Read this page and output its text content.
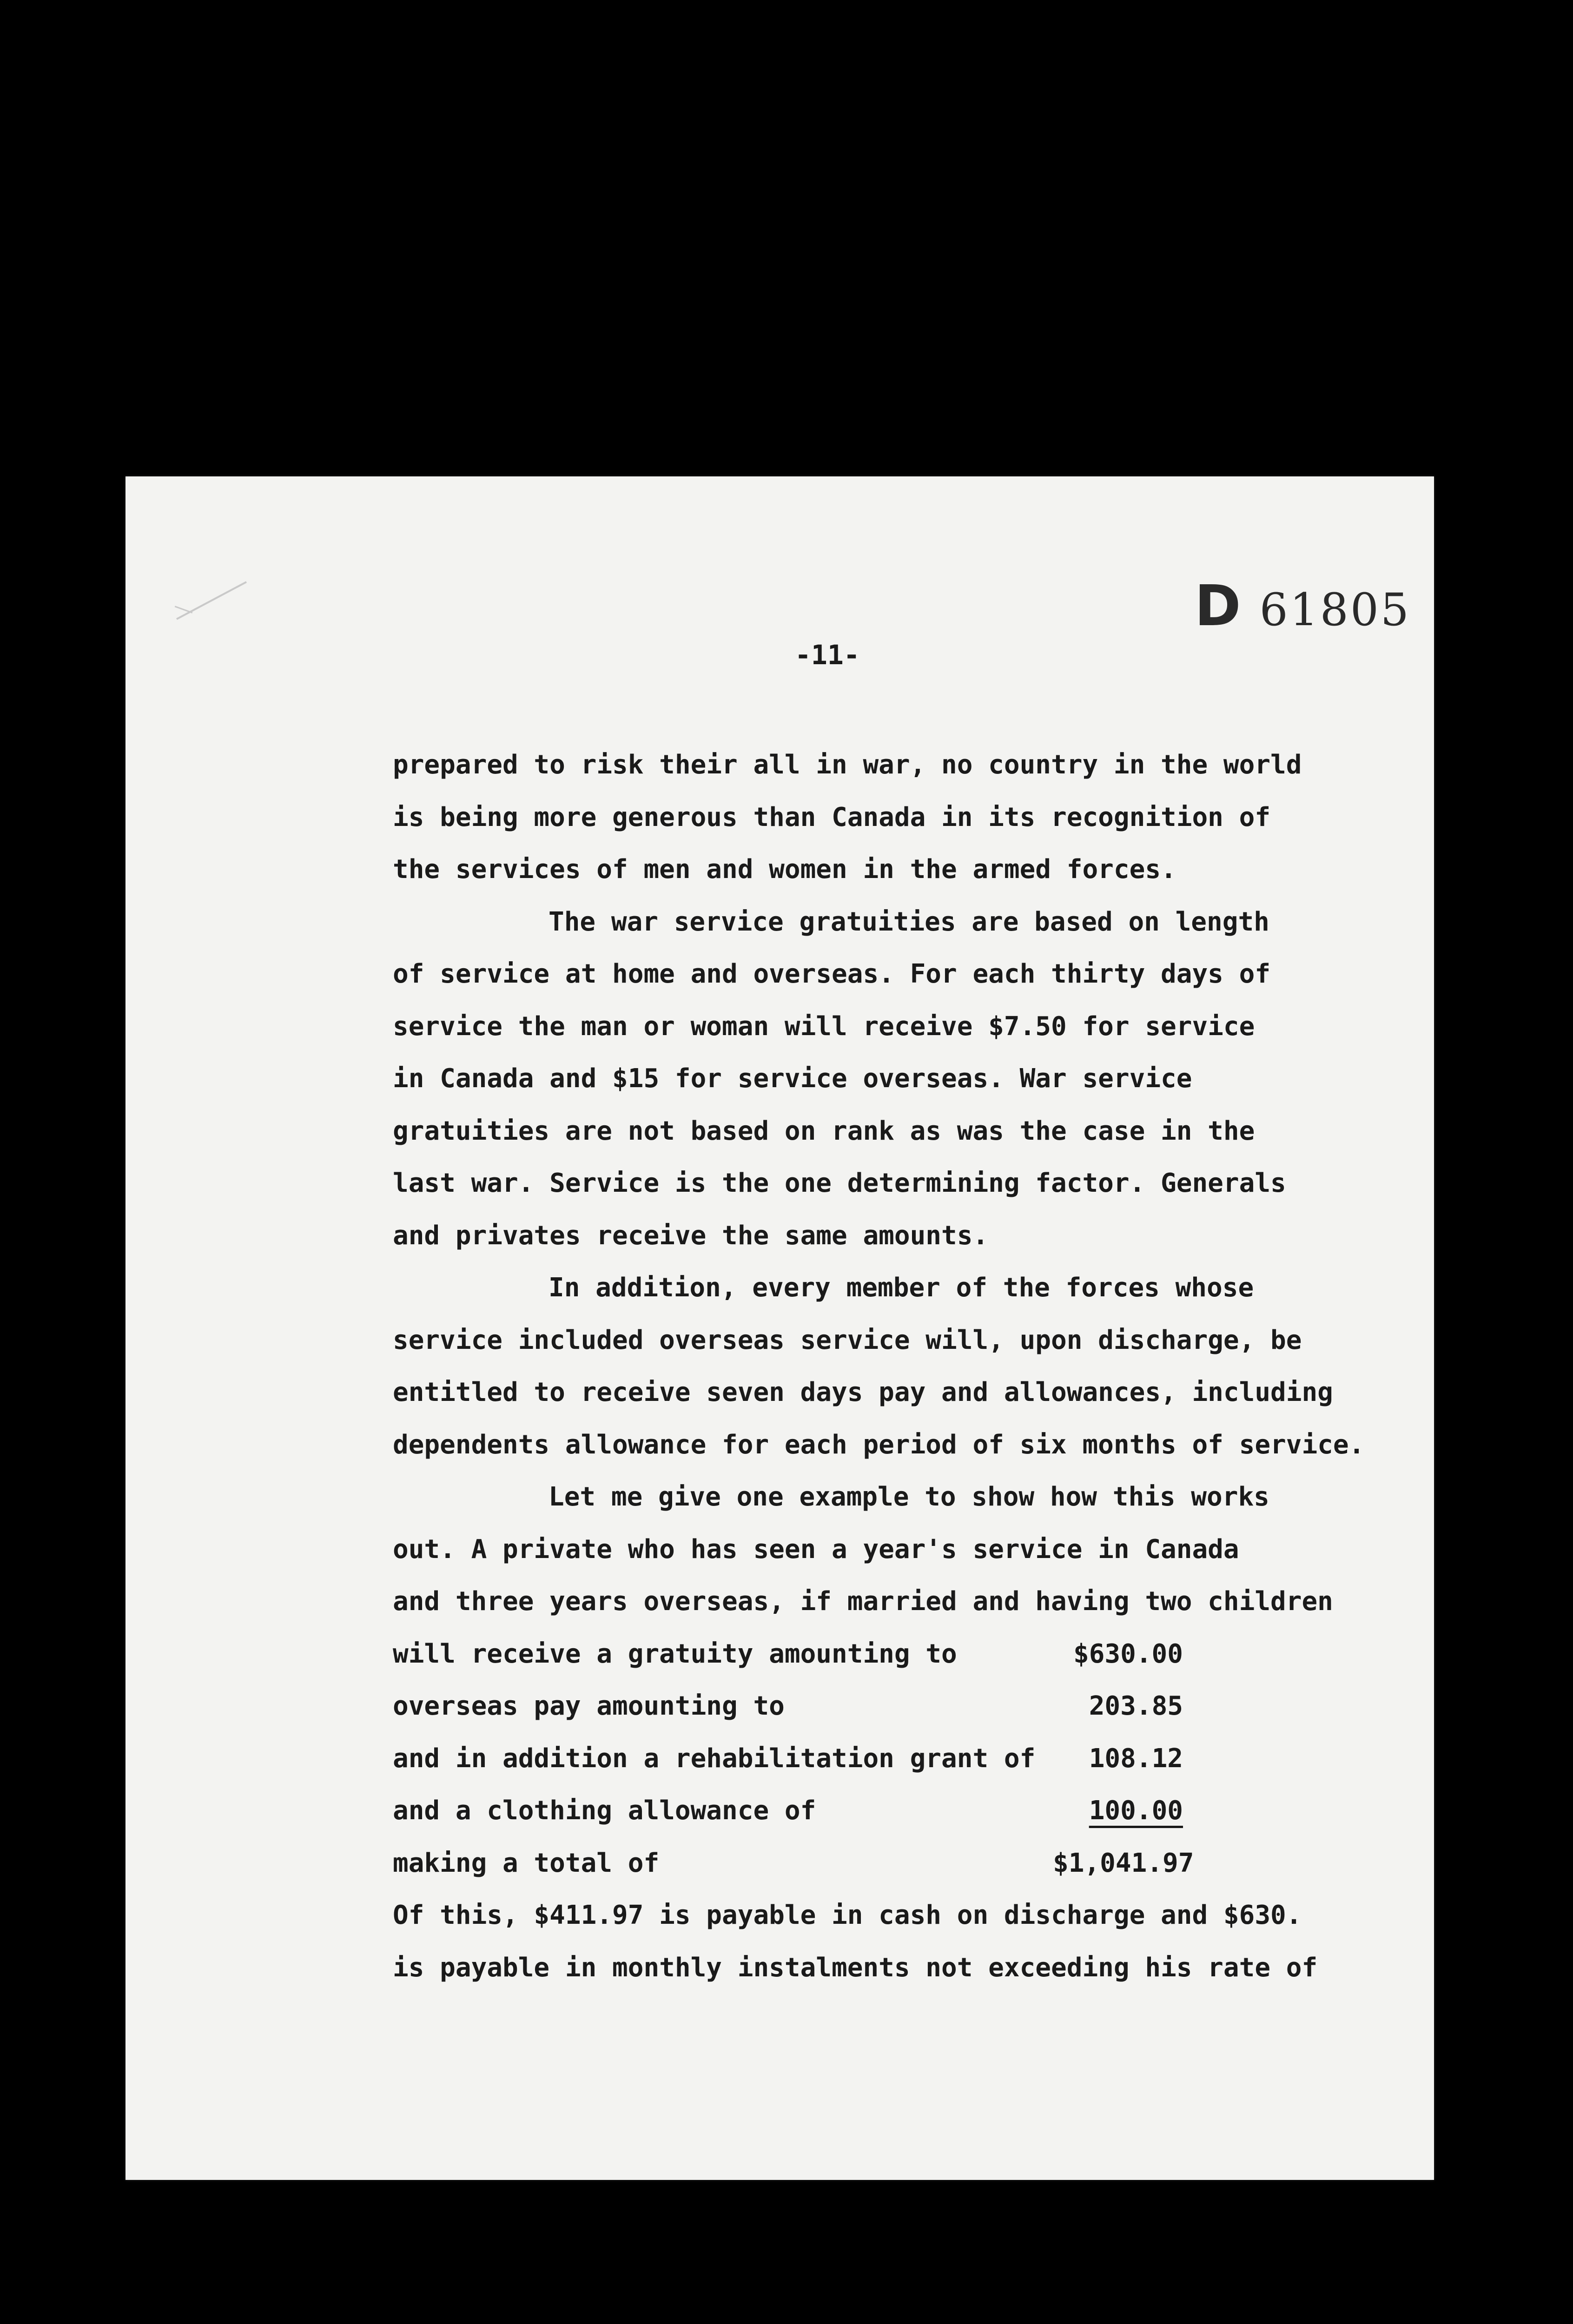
D 61805
-11-
prepared to risk their all in war, no country in the world
is being more generous than Canada in its recognition of
the services of men and women in the armed forces.
The war service gratuities are based on length
of service at home and overseas. For each thirty days of
service the man or woman will receive $7.50 for service
in Canada and $15 for service overseas. War service
gratuities are not based on rank as was the case in the
last war. Service is the one determining factor. Generals
and privates receive the same amounts.
In addition, every member of the forces whose
service included overseas service will, upon discharge, be
entitled to receive seven days pay and allowances, including
dependents allowance for each period of six months of service.
Let me give one example to show how this works
out. A private who has seen a year's service in Canada
and three years overseas, if married and having two children
will receive a gratuity amounting to	$630.00
overseas pay amounting to	203.85
and in addition a rehabilitation grant of	108.12
and a clothing allowance of	100.00
making a total of	$1,041.97
Of this, $411.97 is payable in cash on discharge and $630.
is payable in monthly instalments not exceeding his rate of
